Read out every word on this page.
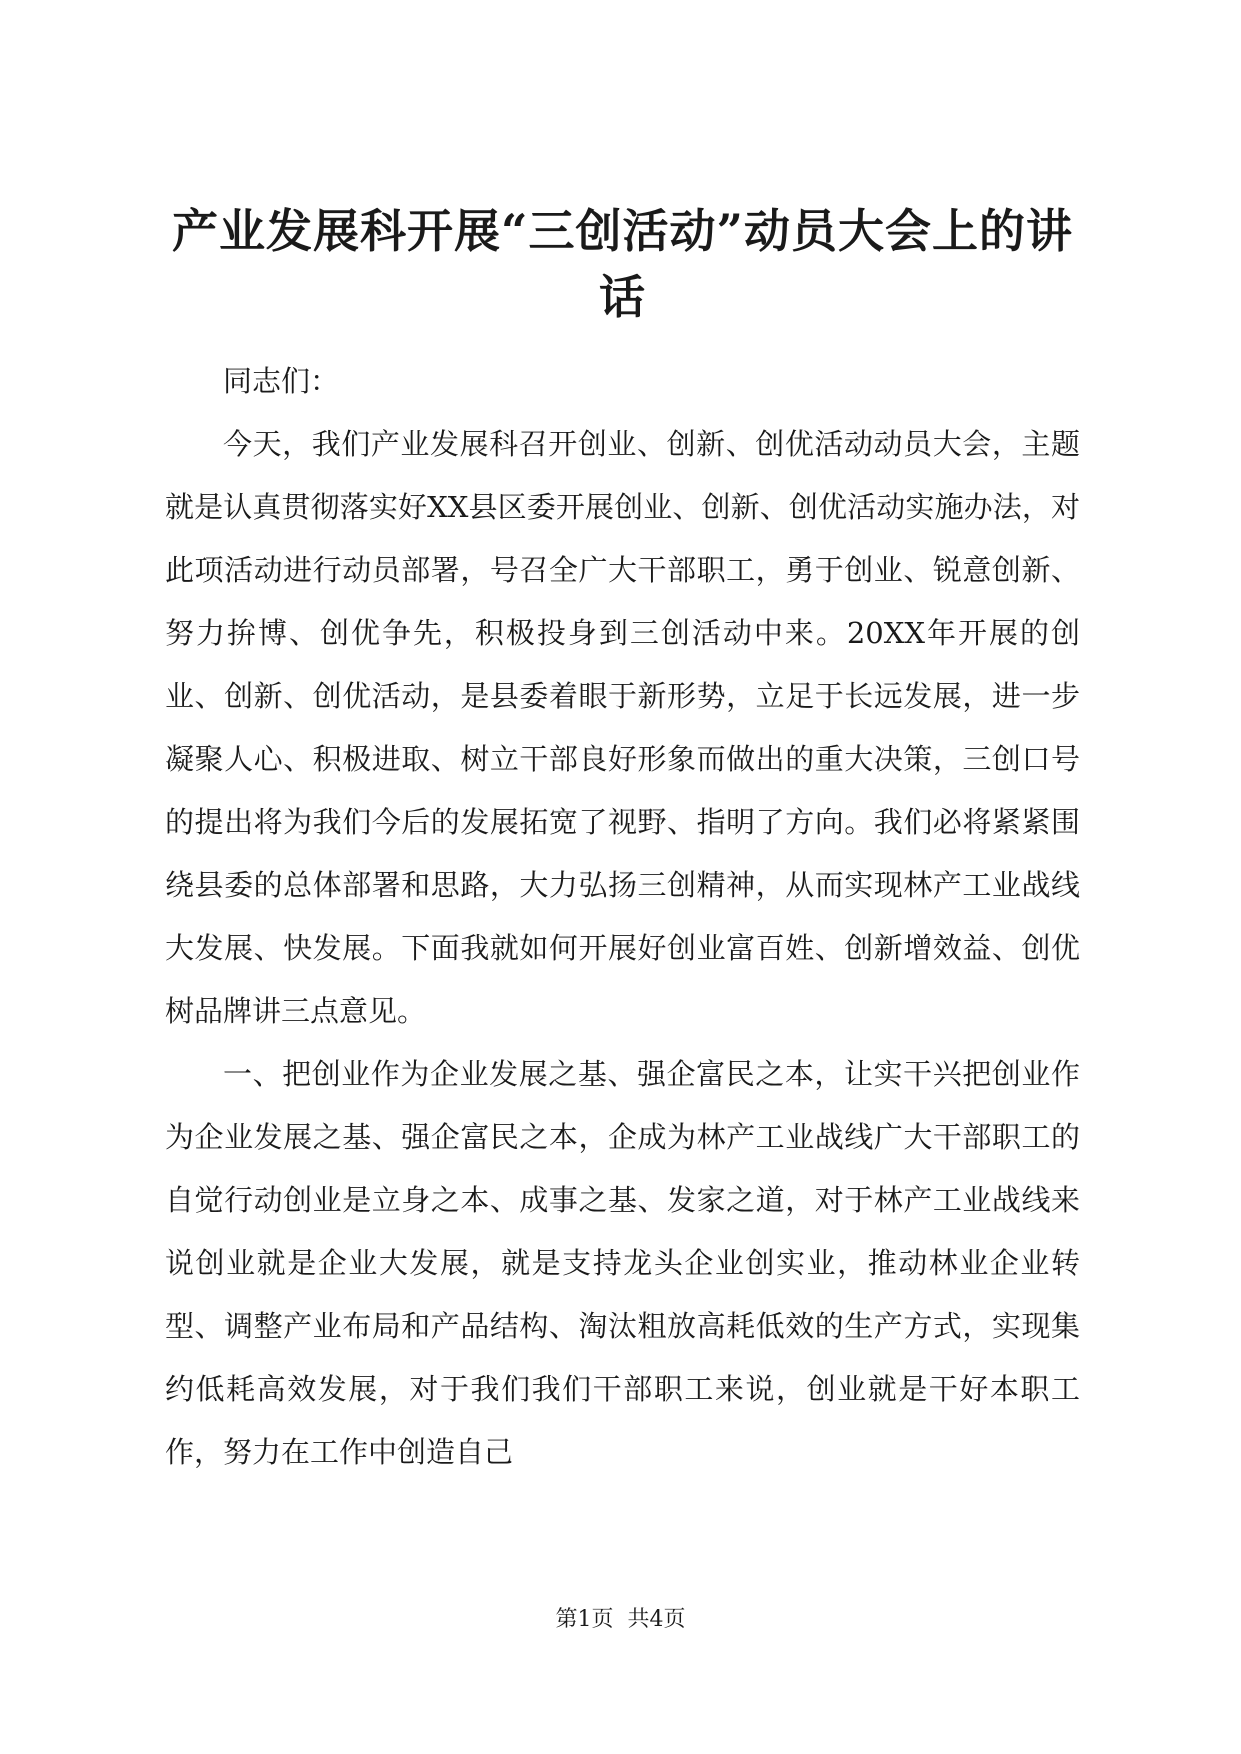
产业发展科开展“三创活动”动员大会上的讲话

同志们：

今天，我们产业发展科召开创业、创新、创优活动动员大会，主题就是认真贯彻落实好XX县区委开展创业、创新、创优活动实施办法，对此项活动进行动员部署，号召全广大干部职工，勇于创业、锐意创新、努力拚博、创优争先，积极投身到三创活动中来。20XX年开展的创业、创新、创优活动，是县委着眼于新形势，立足于长远发展，进一步凝聚人心、积极进取、树立干部良好形象而做出的重大决策，三创口号的提出将为我们今后的发展拓宽了视野、指明了方向。我们必将紧紧围绕县委的总体部署和思路，大力弘扬三创精神，从而实现林产工业战线大发展、快发展。下面我就如何开展好创业富百姓、创新增效益、创优树品牌讲三点意见。

一、把创业作为企业发展之基、强企富民之本，让实干兴把创业作为企业发展之基、强企富民之本，企成为林产工业战线广大干部职工的自觉行动创业是立身之本、成事之基、发家之道，对于林产工业战线来说创业就是企业大发展，就是支持龙头企业创实业，推动林业企业转型、调整产业布局和产品结构、淘汰粗放高耗低效的生产方式，实现集约低耗高效发展，对于我们我们干部职工来说，创业就是干好本职工作，努力在工作中创造自己

第1页 共4页
